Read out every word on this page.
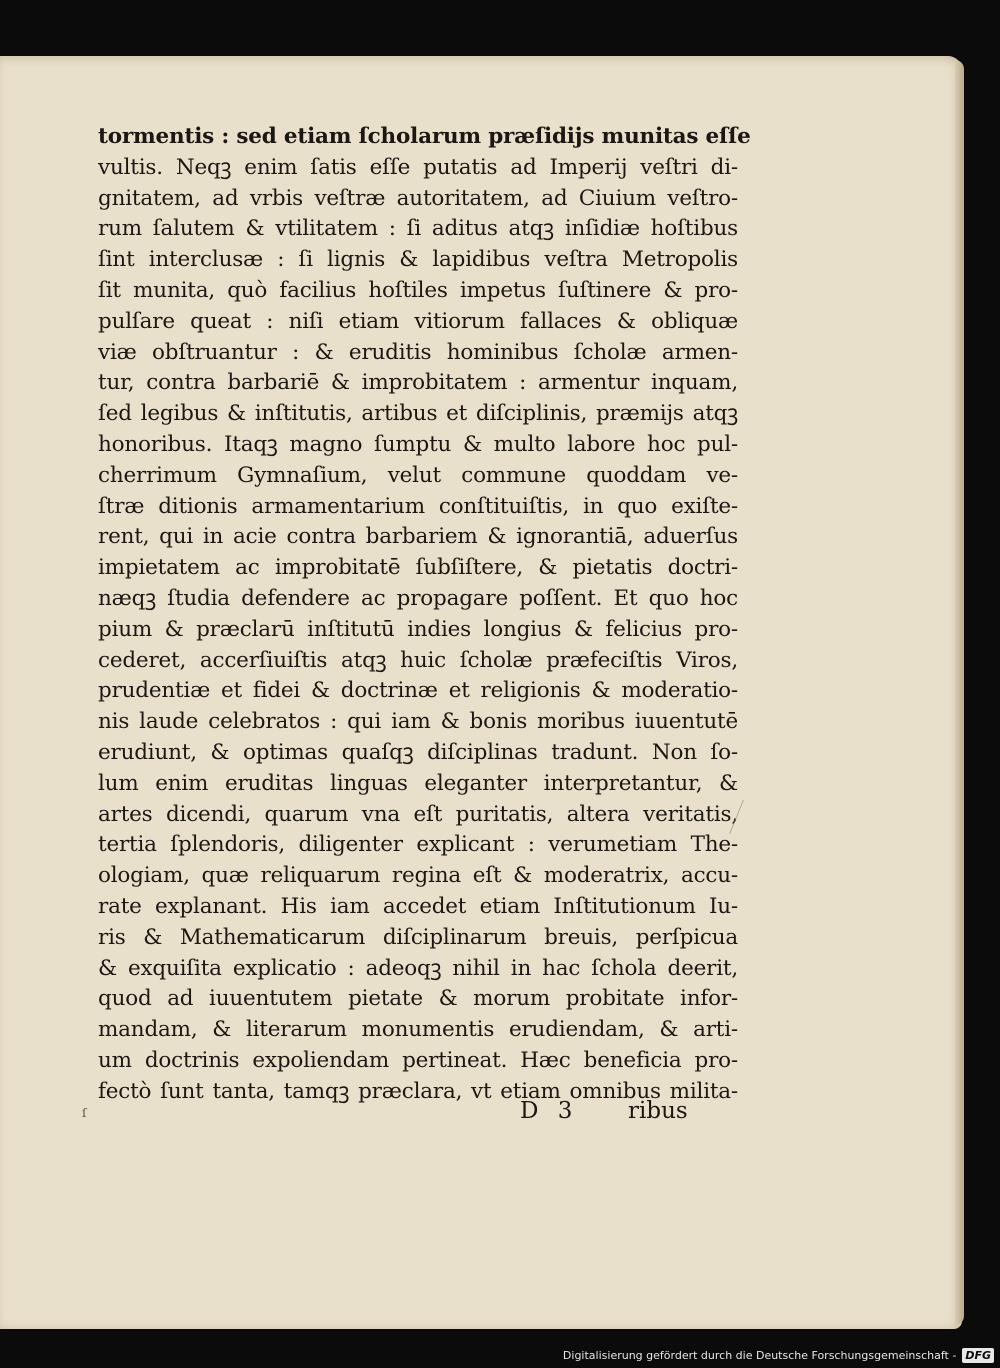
tormentis : sed etiam ſcholarum præſidijs munitas eſſe
vultis. Neqꝫ enim ſatis eſſe putatis ad Imperij veſtri di-
gnitatem, ad vrbis veſtræ autoritatem, ad Ciuium veſtro-
rum ſalutem & vtilitatem : ſi aditus atqꝫ inſidiæ hoſtibus
ſint interclusæ : ſi lignis & lapidibus veſtra Metropolis
ſit munita, quò facilius hoſtiles impetus ſuſtinere & pro-
pulſare queat : niſi etiam vitiorum fallaces & obliquæ
viæ obſtruantur : & eruditis hominibus ſcholæ armen-
tur, contra barbariē & improbitatem : armentur inquam,
ſed legibus & inſtitutis, artibus et diſciplinis, præmijs atqꝫ
honoribus. Itaqꝫ magno ſumptu & multo labore hoc pul-
cherrimum Gymnaſium, velut commune quoddam ve-
ſtræ ditionis armamentarium conſtituiſtis, in quo exiſte-
rent, qui in acie contra barbariem & ignorantiā, aduerſus
impietatem ac improbitatē ſubſiſtere, & pietatis doctri-
næqꝫ ſtudia defendere ac propagare poſſent. Et quo hoc
pium & præclarū inſtitutū indies longius & felicius pro-
cederet, accerſiuiſtis atqꝫ huic ſcholæ præfeciſtis Viros,
prudentiæ et fidei & doctrinæ et religionis & moderatio-
nis laude celebratos : qui iam & bonis moribus iuuentutē
erudiunt, & optimas quaſqꝫ diſciplinas tradunt. Non ſo-
lum enim eruditas linguas eleganter interpretantur, &
artes dicendi, quarum vna eſt puritatis, altera veritatis,
tertia ſplendoris, diligenter explicant : verumetiam The-
ologiam, quæ reliquarum regina eſt & moderatrix, accu-
rate explanant. His iam accedet etiam Inſtitutionum Iu-
ris & Mathematicarum diſciplinarum breuis, perſpicua
& exquiſita explicatio : adeoqꝫ nihil in hac ſchola deerit,
quod ad iuuentutem pietate & morum probitate infor-
mandam, & literarum monumentis erudiendam, & arti-
um doctrinis expoliendam pertineat. Hæc beneficia pro-
fectò ſunt tanta, tamqꝫ præclara, vt etiam omnibus milita-
ſ	D 3 ribus
Digitalisierung gefördert durch die Deutsche Forschungsgemeinschaft - DFG
